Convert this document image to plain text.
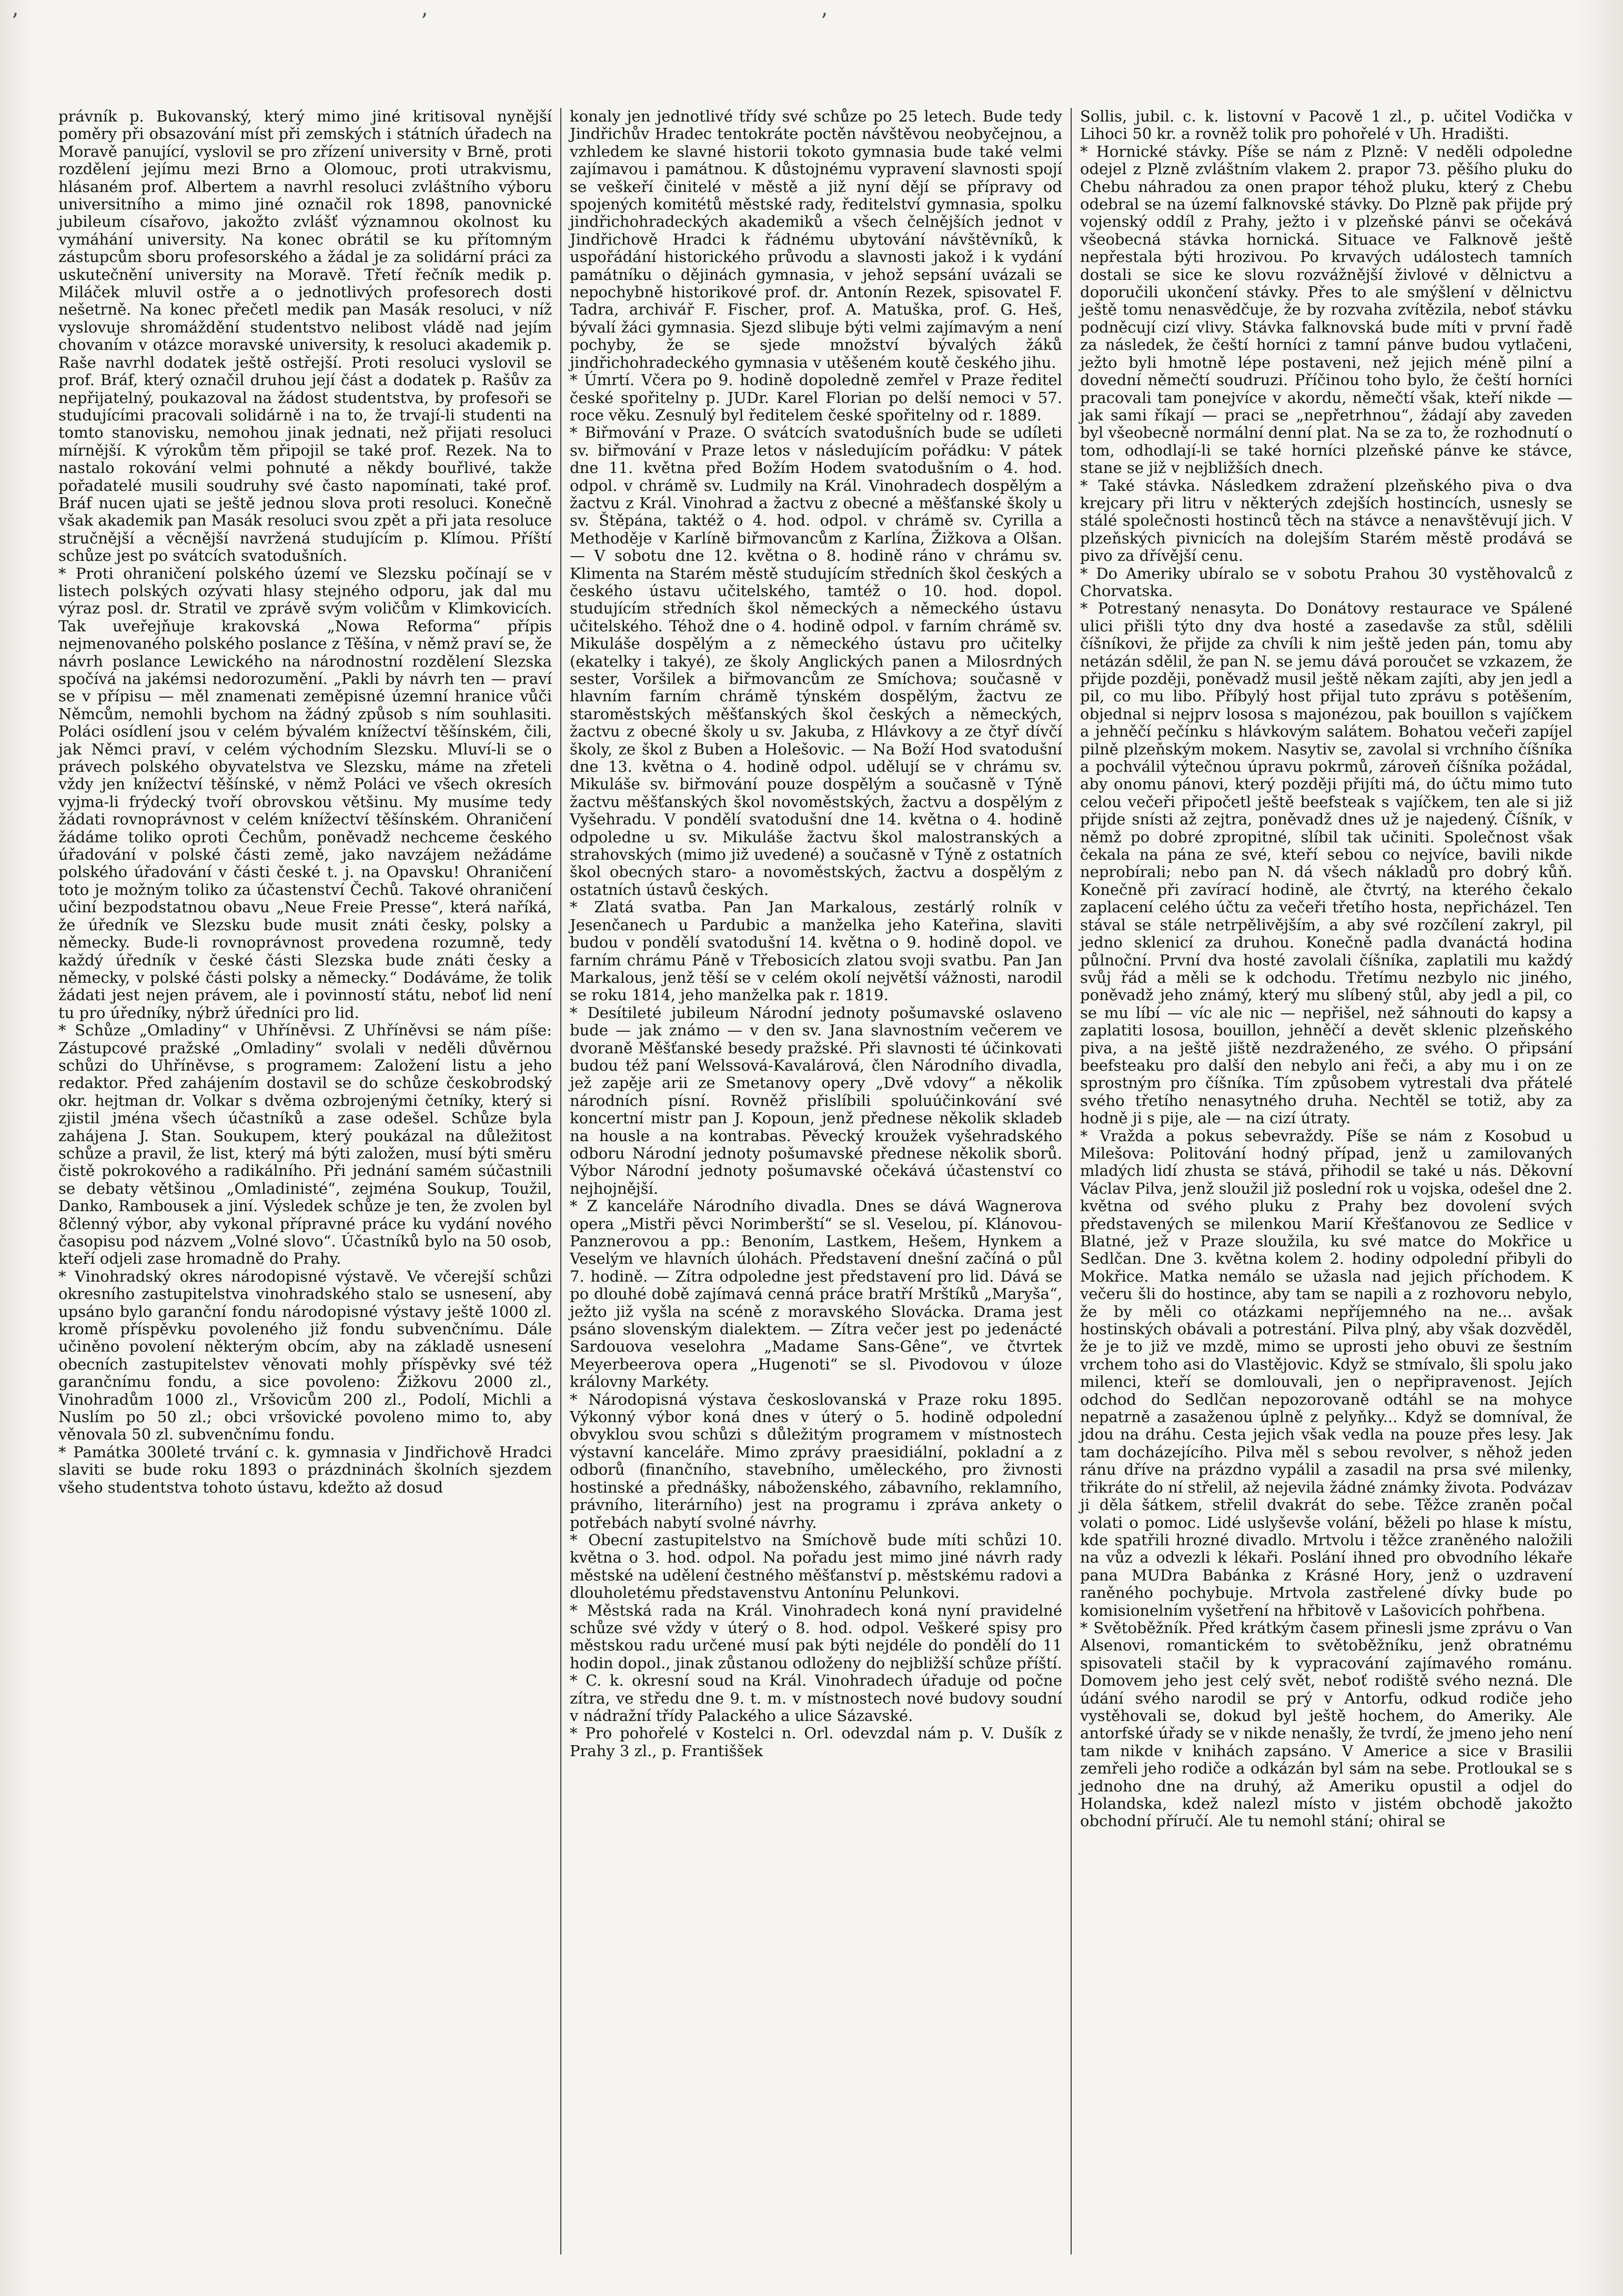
’	’	’

právník p. Bukovanský, který mimo jiné kritisoval nynější poměry při obsazování míst při zemských i státních úřadech na Moravě panující, vyslovil se pro zřízení university v Brně, proti rozdělení jejímu mezi Brno a Olomouc, proti utrakvismu, hlásaném prof. Albertem a navrhl resoluci zvláštního výboru universitního a mimo jiné označil rok 1898, panovnické jubileum císařovo, jakožto zvlášť významnou okolnost ku vymáhání university. Na konec obrátil se ku přítomným zástupcům sboru profesorského a žádal je za solidární práci za uskutečnění university na Moravě. Třetí řečník medik p. Miláček mluvil ostře a o jednotlivých profesorech dosti nešetrně. Na konec přečetl medik pan Masák resoluci, v níž vyslovuje shromáždění studentstvo nelibost vládě nad jejím chovaním v otázce moravské university, k resoluci akademik p. Raše navrhl dodatek ještě ostřejší. Proti resoluci vyslovil se prof. Bráf, který označil druhou její část a dodatek p. Rašův za nepřijatelný, poukazoval na žádost studentstva, by profesoři se studujícími pracovali solidárně i na to, že trvají-li studenti na tomto stanovisku, nemohou jinak jednati, než přijati resoluci mírnější. K výrokům těm připojil se také prof. Rezek. Na to nastalo rokování velmi pohnuté a někdy bouřlivé, takže pořadatelé musili soudruhy své často napomínati, také prof. Bráf nucen ujati se ještě jednou slova proti resoluci. Konečně však akademik pan Masák resoluci svou zpět a při jata resoluce stručnější a věcnější navržená studujícím p. Klímou. Příští schůze jest po svátcích svatodušních.

* Proti ohraničení polského území ve Slezsku počínají se v listech polských ozývati hlasy stejného odporu, jak dal mu výraz posl. dr. Stratil ve zprávě svým voličům v Klimkovicích. Tak uveřejňuje krakovská „Nowa Reforma“ přípis nejmenovaného polského poslance z Těšína, v němž praví se, že návrh poslance Lewického na národnostní rozdělení Slezska spočívá na jakémsi nedorozumění. „Pakli by návrh ten — praví se v přípisu — měl znamenati zeměpisné územní hranice vůči Němcům, nemohli bychom na žádný způsob s ním souhlasiti. Poláci osídlení jsou v celém bývalém knížectví těšínském, čili, jak Němci praví, v celém východním Slezsku. Mluví-li se o právech polského obyvatelstva ve Slezsku, máme na zřeteli vždy jen knížectví těšínské, v němž Poláci ve všech okresích vyjma-li frýdecký tvoří obrovskou většinu. My musíme tedy žádati rovnoprávnost v celém knížectví těšínském. Ohraničení žádáme toliko oproti Čechům, poněvadž nechceme českého úřadování v polské části země, jako navzájem nežádáme polského úřadování v části české t. j. na Opavsku! Ohraničení toto je možným toliko za účastenství Čechů. Takové ohraničení učiní bezpodstatnou obavu „Neue Freie Presse“, která naříká, že úředník ve Slezsku bude musit znáti česky, polsky a německy. Bude-li rovnoprávnost provedena rozumně, tedy každý úředník v české části Slezska bude znáti česky a německy, v polské části polsky a německy.“ Dodáváme, že tolik žádati jest nejen právem, ale i povinností státu, neboť lid není tu pro úředníky, nýbrž úředníci pro lid.

* Schůze „Omladiny“ v Uhříněvsi. Z Uhříněvsi se nám píše: Zástupcové pražské „Omladiny“ svolali v neděli důvěrnou schůzi do Uhříněvse, s programem: Založení listu a jeho redaktor. Před zahájením dostavil se do schůze českobrodský okr. hejtman dr. Volkar s dvěma ozbrojenými četníky, který si zjistil jména všech účastníků a zase odešel. Schůze byla zahájena J. Stan. Soukupem, který poukázal na důležitost schůze a pravil, že list, který má býti založen, musí býti směru čistě pokrokového a radikálního. Při jednání samém súčastnili se debaty většinou „Omladinisté“, zejména Soukup, Toužil, Danko, Rambousek a jiní. Výsledek schůze je ten, že zvolen byl 8členný výbor, aby vykonal přípravné práce ku vydání nového časopisu pod názvem „Volné slovo“. Účastníků bylo na 50 osob, kteří odjeli zase hromadně do Prahy.

* Vinohradský okres národopisné výstavě. Ve včerejší schůzi okresního zastupitelstva vinohradského stalo se usnesení, aby upsáno bylo garanční fondu národopisné výstavy ještě 1000 zl. kromě příspěvku povoleného již fondu subvenčnímu. Dále učiněno povolení některým obcím, aby na základě usnesení obecních zastupitelstev věnovati mohly příspěvky své též garančnímu fondu, a sice povoleno: Žižkovu 2000 zl., Vinohradům 1000 zl., Vršovicům 200 zl., Podolí, Michli a Nuslím po 50 zl.; obci vršovické povoleno mimo to, aby věnovala 50 zl. subvenčnímu fondu.

* Památka 300leté trvání c. k. gymnasia v Jindřichově Hradci slaviti se bude roku 1893 o prázdninách školních sjezdem všeho studentstva tohoto ústavu, kdežto až dosud

konaly jen jednotlivé třídy své schůze po 25 letech. Bude tedy Jindřichův Hradec tentokráte poctěn návštěvou neobyčejnou, a vzhledem ke slavné historii tokoto gymnasia bude také velmi zajímavou i památnou. K důstojnému vypravení slavnosti spojí se veškeří činitelé v městě a již nyní dějí se přípravy od spojených komitétů městské rady, ředitelství gymnasia, spolku jindřichohradeckých akademiků a všech čelnějších jednot v Jindřichově Hradci k řádnému ubytování návštěvníků, k uspořádání historického průvodu a slavnosti jakož i k vydání památníku o dějinách gymnasia, v jehož sepsání uvázali se nepochybně historikové prof. dr. Antonín Rezek, spisovatel F. Tadra, archivář F. Fischer, prof. A. Matuška, prof. G. Heš, bývalí žáci gymnasia. Sjezd slibuje býti velmi zajímavým a není pochyby, že se sjede množství bývalých žáků jindřichohradeckého gymnasia v utěšeném koutě českého jihu.

* Úmrtí. Včera po 9. hodině dopoledně zemřel v Praze ředitel české spořitelny p. JUDr. Karel Florian po delší nemoci v 57. roce věku. Zesnulý byl ředitelem české spořitelny od r. 1889.

* Biřmování v Praze. O svátcích svatodušních bude se udíleti sv. biřmování v Praze letos v následujícím pořádku: V pátek dne 11. května před Božím Hodem svatodušním o 4. hod. odpol. v chrámě sv. Ludmily na Král. Vinohradech dospělým a žactvu z Král. Vinohrad a žactvu z obecné a měšťanské školy u sv. Štěpána, taktéž o 4. hod. odpol. v chrámě sv. Cyrilla a Methoděje v Karlíně biřmovancům z Karlína, Žižkova a Olšan. — V sobotu dne 12. května o 8. hodině ráno v chrámu sv. Klimenta na Starém městě studujícím středních škol českých a českého ústavu učitelského, tamtéž o 10. hod. dopol. studujícím středních škol německých a německého ústavu učitelského. Téhož dne o 4. hodině odpol. v farním chrámě sv. Mikuláše dospělým a z německého ústavu pro učitelky (ekatelky i takyé), ze školy Anglických panen a Milosrdných sester, Voršilek a biřmovancům ze Smíchova; současně v hlavním farním chrámě týnském dospělým, žactvu ze staroměstských měšťanských škol českých a německých, žactvu z obecné školy u sv. Jakuba, z Hlávkovy a ze čtyř dívčí školy, ze škol z Buben a Holešovic. — Na Boží Hod svatodušní dne 13. května o 4. hodině odpol. udělují se v chrámu sv. Mikuláše sv. biřmování pouze dospělým a současně v Týně žactvu měšťanských škol novoměstských, žactvu a dospělým z Vyšehradu. V pondělí svatodušní dne 14. května o 4. hodině odpoledne u sv. Mikuláše žactvu škol malostranských a strahovských (mimo již uvedené) a současně v Týně z ostatních škol obecných staro- a novoměstských, žactvu a dospělým z ostatních ústavů českých.

* Zlatá svatba. Pan Jan Markalous, zestárlý rolník v Jesenčanech u Pardubic a manželka jeho Kateřina, slaviti budou v pondělí svatodušní 14. května o 9. hodině dopol. ve farním chrámu Páně v Třebosicích zlatou svoji svatbu. Pan Jan Markalous, jenž těší se v celém okolí největší vážnosti, narodil se roku 1814, jeho manželka pak r. 1819.

* Desítileté jubileum Národní jednoty pošumavské oslaveno bude — jak známo — v den sv. Jana slavnostním večerem ve dvoraně Měšťanské besedy pražské. Při slavnosti té účinkovati budou též paní Welssová-Kavalárová, člen Národního divadla, jež zapěje arii ze Smetanovy opery „Dvě vdovy“ a několik národních písní. Rovněž přislíbili spoluúčinkování své koncertní mistr pan J. Kopoun, jenž přednese několik skladeb na housle a na kontrabas. Pěvecký kroužek vyšehradského odboru Národní jednoty pošumavské přednese několik sborů. Výbor Národní jednoty pošumavské očekává účastenství co nejhojnější.

* Z kanceláře Národního divadla. Dnes se dává Wagnerova opera „Mistři pěvci Norimberští“ se sl. Veselou, pí. Klánovou-Panznerovou a pp.: Benoním, Lastkem, Hešem, Hynkem a Veselým ve hlavních úlohách. Představení dnešní začíná o půl 7. hodině. — Zítra odpoledne jest představení pro lid. Dává se po dlouhé době zajímavá cenná práce bratří Mrštíků „Maryša“, ježto již vyšla na scéně z moravského Slovácka. Drama jest psáno slovenským dialektem. — Zítra večer jest po jedenácté Sardouova veselohra „Madame Sans-Gêne“, ve čtvrtek Meyerbeerova opera „Hugenoti“ se sl. Pivodovou v úloze královny Markéty.

* Národopisná výstava českoslovanská v Praze roku 1895. Výkonný výbor koná dnes v úterý o 5. hodině odpolední obvyklou svou schůzi s důležitým programem v místnostech výstavní kanceláře. Mimo zprávy praesidiální, pokladní a z odborů (finančního, stavebního, uměleckého, pro živnosti hostinské a přednášky, náboženského, zábavního, reklamního, právního, literárního) jest na programu i zpráva ankety o potřebách nabytí svolné návrhy.

* Obecní zastupitelstvo na Smíchově bude míti schůzi 10. května o 3. hod. odpol. Na pořadu jest mimo jiné návrh rady městské na udělení čestného měšťanství p. městskému radovi a dlouholetému představenstvu Antonínu Pelunkovi.

* Městská rada na Král. Vinohradech koná nyní pravidelné schůze své vždy v úterý o 8. hod. odpol. Veškeré spisy pro městskou radu určené musí pak býti nejdéle do pondělí do 11 hodin dopol., jinak zůstanou odloženy do nejbližší schůze příští.

* C. k. okresní soud na Král. Vinohradech úřaduje od počne zítra, ve středu dne 9. t. m. v místnostech nové budovy soudní v nádražní třídy Palackého a ulice Sázavské.

* Pro pohořelé v Kostelci n. Orl. odevzdal nám p. V. Dušík z Prahy 3 zl., p. Františšek

Sollis, jubil. c. k. listovní v Pacově 1 zl., p. učitel Vodička v Lihoci 50 kr. a rovněž tolik pro pohořelé v Uh. Hradišti.

* Hornické stávky. Píše se nám z Plzně: V neděli odpoledne odejel z Plzně zvláštním vlakem 2. prapor 73. pěšího pluku do Chebu náhradou za onen prapor téhož pluku, který z Chebu odebral se na území falknovské stávky. Do Plzně pak přijde prý vojenský oddíl z Prahy, ježto i v plzeňské pánvi se očekává všeobecná stávka hornická. Situace ve Falknově ještě nepřestala býti hrozivou. Po krvavých událostech tamních dostali se sice ke slovu rozvážnější živlové v dělnictvu a doporučili ukončení stávky. Přes to ale smýšlení v dělnictvu ještě tomu nenasvědčuje, že by rozvaha zvítězila, neboť stávku podněcují cizí vlivy. Stávka falknovská bude míti v první řadě za následek, že čeští horníci z tamní pánve budou vytlačeni, ježto byli hmotně lépe postaveni, než jejich méně pilní a dovední němečtí soudruzi. Příčinou toho bylo, že čeští horníci pracovali tam ponejvíce v akordu, němečtí však, kteří nikde — jak sami říkají — praci se „nepřetrhnou“, žádají aby zaveden byl všeobecně normální denní plat. Na se za to, že rozhodnutí o tom, odhodlají-li se také horníci plzeňské pánve ke stávce, stane se již v nejbližších dnech.

* Také stávka. Následkem zdražení plzeňského piva o dva krejcary při litru v některých zdejších hostincích, usnesly se stálé společnosti hostinců těch na stávce a nenavštěvují jich. V plzeňských pivnicích na dolejším Starém městě prodává se pivo za dřívější cenu.

* Do Ameriky ubíralo se v sobotu Prahou 30 vystěhovalců z Chorvatska.

* Potrestaný nenasyta. Do Donátovy restaurace ve Spálené ulici přišli týto dny dva hosté a zasedavše za stůl, sdělili číšníkovi, že přijde za chvíli k nim ještě jeden pán, tomu aby netázán sdělil, že pan N. se jemu dává poroučet se vzkazem, že přijde později, poněvadž musil ještě někam zajíti, aby jen jedl a pil, co mu libo. Příbylý host přijal tuto zprávu s potěšením, objednal si nejprv lososa s majonézou, pak bouillon s vajíčkem a jehněčí pečínku s hlávkovým salátem. Bohatou večeři zapíjel pilně plzeňským mokem. Nasytiv se, zavolal si vrchního číšníka a pochválil výtečnou úpravu pokrmů, zároveň číšníka požádal, aby onomu pánovi, který později přijíti má, do účtu mimo tuto celou večeři připočetl ještě beefsteak s vajíčkem, ten ale si již přijde snísti až zejtra, poněvadž dnes už je najedený. Číšník, v němž po dobré zpropitné, slíbil tak učiniti. Společnost však čekala na pána ze své, kteří sebou co nejvíce, bavili nikde neprobírali; nebo pan N. dá všech nákladů pro dobrý kůň. Konečně při zavírací hodině, ale čtvrtý, na kterého čekalo zaplacení celého účtu za večeři třetího hosta, nepřicházel. Ten stával se stále netrpělivějším, a aby své rozčílení zakryl, pil jedno sklenicí za druhou. Konečně padla dvanáctá hodina půlnoční. První dva hosté zavolali číšníka, zaplatili mu každý svůj řád a měli se k odchodu. Třetímu nezbylo nic jiného, poněvadž jeho známý, který mu slíbený stůl, aby jedl a pil, co se mu líbí — víc ale nic — nepřišel, než sáhnouti do kapsy a zaplatiti lososa, bouillon, jehněčí a devět sklenic plzeňského piva, a na ještě jiště nezdraženého, ze svého. O připsání beefsteaku pro další den nebylo ani řeči, a aby mu i on ze sprostným pro číšníka. Tím způsobem vytrestali dva přátelé svého třetího nenasytného druha. Nechtěl se totiž, aby za hodně ji s pije, ale — na cizí útraty.

* Vražda a pokus sebevraždy. Píše se nám z Kosobud u Milešova: Politování hodný případ, jenž u zamilovaných mladých lidí zhusta se stává, přihodil se také u nás. Děkovní Václav Pilva, jenž sloužil již poslední rok u vojska, odešel dne 2. května od svého pluku z Prahy bez dovolení svých představených se milenkou Marií Křešťanovou ze Sedlice v Blatné, jež v Praze sloužila, ku své matce do Mokřice u Sedlčan. Dne 3. května kolem 2. hodiny odpolední přibyli do Mokřice. Matka nemálo se užasla nad jejich příchodem. K večeru šli do hostince, aby tam se napili a z rozhovoru nebylo, že by měli co otázkami nepříjemného na ne... avšak hostinských obávali a potrestání. Pilva plný, aby však dozvěděl, že je to již ve mzdě, mimo se uprosti jeho obuvi ze šestním vrchem toho asi do Vlastějovic. Když se stmívalo, šli spolu jako milenci, kteří se domlouvali, jen o nepřipravenost. Jejích odchod do Sedlčan nepozorovaně odtáhl se na mohyce nepatrně a zasaženou úplně z pelyňky... Když se domníval, že jdou na dráhu. Cesta jejich však vedla na pouze přes lesy. Jak tam docházejícího. Pilva měl s sebou revolver, s něhož jeden ránu dříve na prázdno vypálil a zasadil na prsa své milenky, třikráte do ní střelil, až nejevila žádné známky života. Podvázav ji děla šátkem, střelil dvakrát do sebe. Těžce zraněn počal volati o pomoc. Lidé uslyševše volání, běželi po hlase k místu, kde spatřili hrozné divadlo. Mrtvolu i těžce zraněného naložili na vůz a odvezli k lékaři. Poslání ihned pro obvodního lékaře pana MUDra Babánka z Krásné Hory, jenž o uzdravení raněného pochybuje. Mrtvola zastřelené dívky bude po komisionelním vyšetření na hřbitově v Lašovicích pohřbena.

* Světoběžník. Před krátkým časem přinesli jsme zprávu o Van Alsenovi, romantickém to světoběžníku, jenž obratnému spisovateli stačil by k vypracování zajímavého románu. Domovem jeho jest celý svět, neboť rodiště svého nezná. Dle údání svého narodil se prý v Antorfu, odkud rodiče jeho vystěhovali se, dokud byl ještě hochem, do Ameriky. Ale antorfské úřady se v nikde nenašly, že tvrdí, že jmeno jeho není tam nikde v knihách zapsáno. V Americe a sice v Brasilii zemřeli jeho rodiče a odkázán byl sám na sebe. Protloukal se s jednoho dne na druhý, až Ameriku opustil a odjel do Holandska, kdež nalezl místo v jistém obchodě jakožto obchodní příručí. Ale tu nemohl stání; ohiral se
